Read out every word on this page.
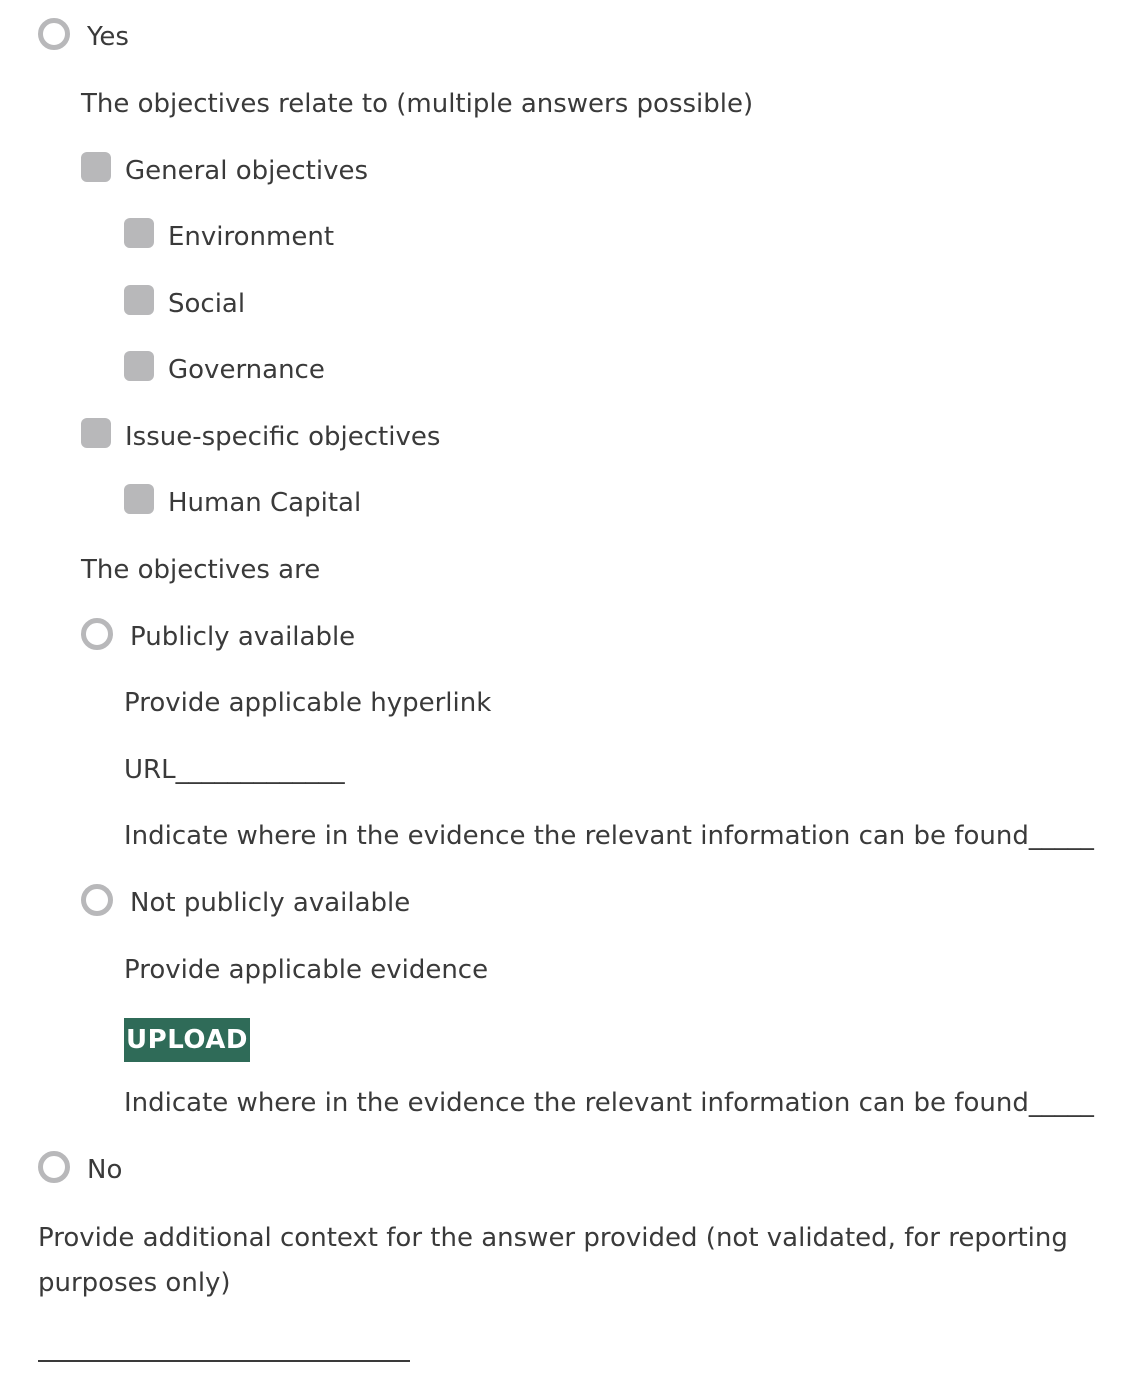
Yes
The objectives relate to (multiple answers possible)
General objectives
Environment
Social
Governance
Issue-specific objectives
Human Capital
The objectives are
Publicly available
Provide applicable hyperlink
URL_____________
Indicate where in the evidence the relevant information can be found_____
Not publicly available
Provide applicable evidence
UPLOAD
Indicate where in the evidence the relevant information can be found_____
No
Provide additional context for the answer provided (not validated, for reporting purposes only)
